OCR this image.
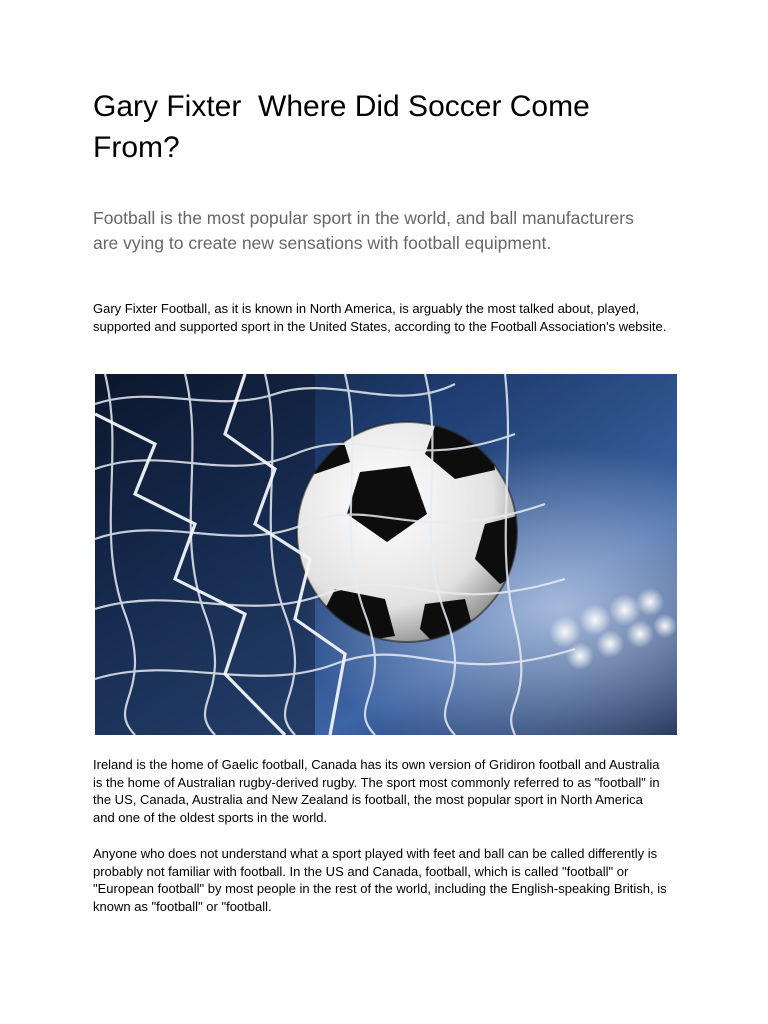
Gary Fixter  Where Did Soccer Come From?
Football is the most popular sport in the world, and ball manufacturers are vying to create new sensations with football equipment.

Gary Fixter Football, as it is known in North America, is arguably the most talked about, played, supported and supported sport in the United States, according to the Football Association's website.

Ireland is the home of Gaelic football, Canada has its own version of Gridiron football and Australia is the home of Australian rugby-derived rugby. The sport most commonly referred to as "football" in the US, Canada, Australia and New Zealand is football, the most popular sport in North America and one of the oldest sports in the world.

Anyone who does not understand what a sport played with feet and ball can be called differently is probably not familiar with football. In the US and Canada, football, which is called "football" or "European football" by most people in the rest of the world, including the English-speaking British, is known as "football" or "football.
